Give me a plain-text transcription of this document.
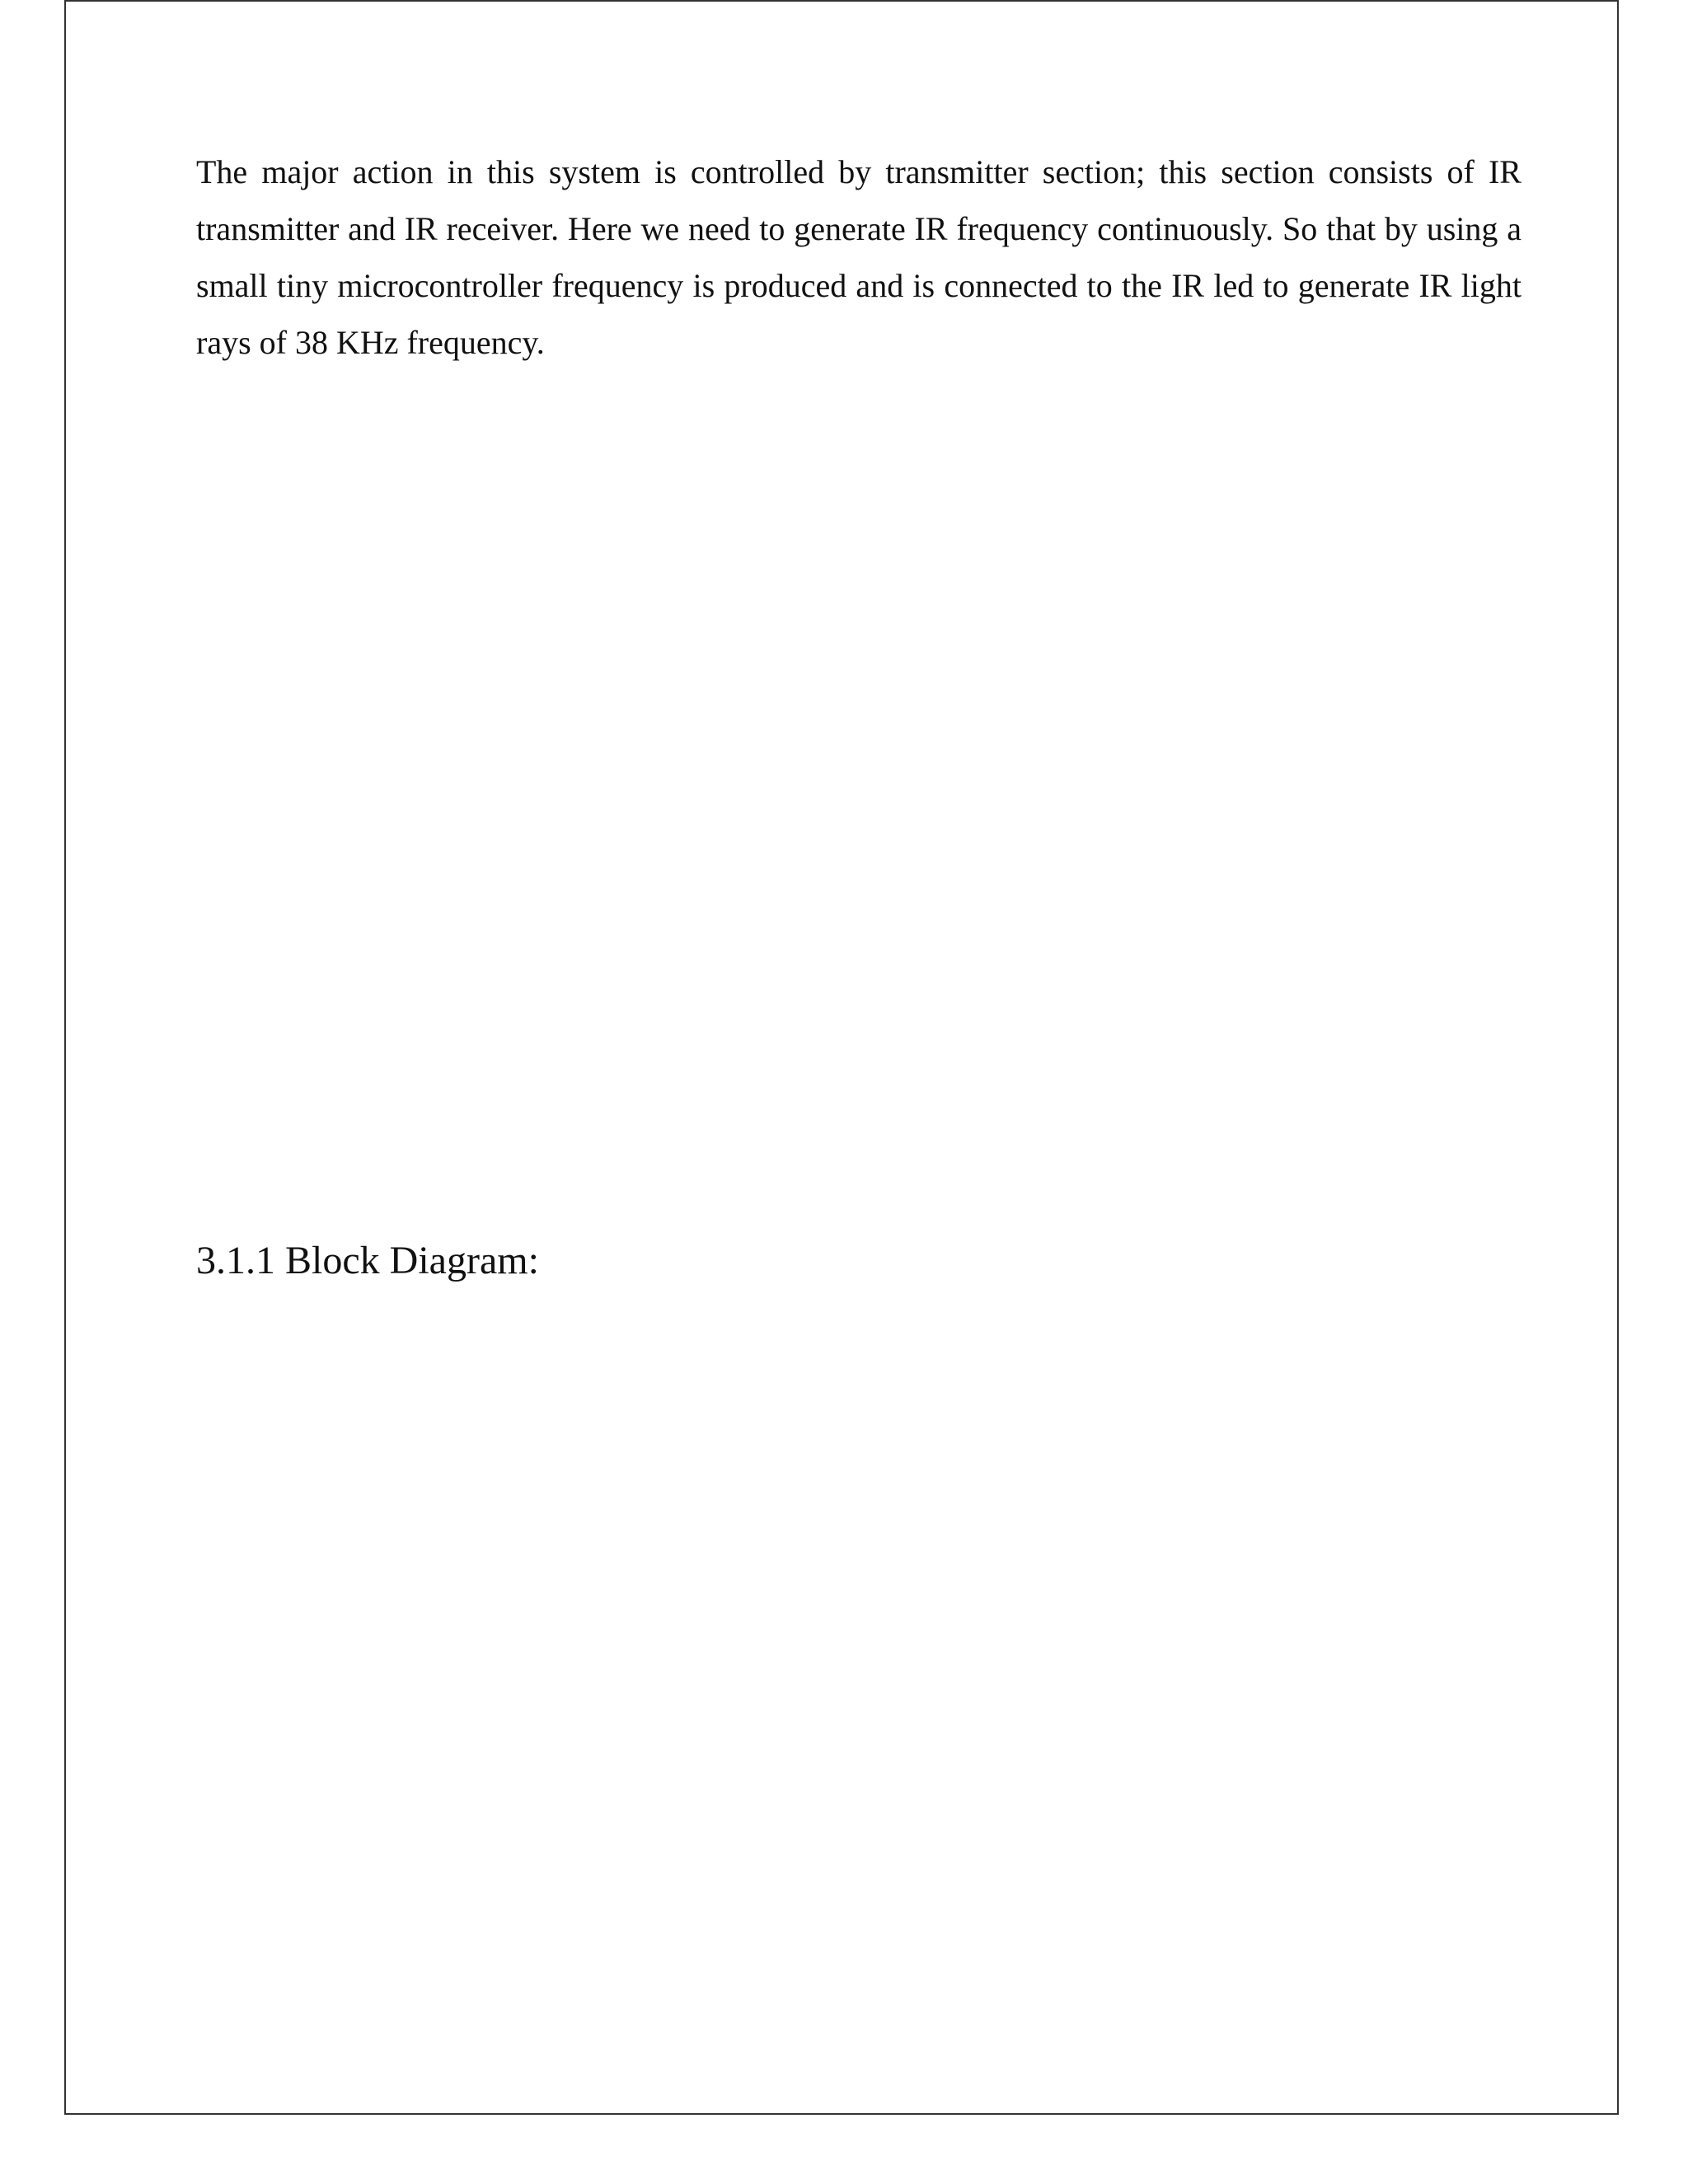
The major action in this system is controlled by transmitter section; this section consists of IR transmitter and IR receiver. Here we need to generate IR frequency continuously. So that by using a small tiny microcontroller frequency is produced and is connected to the IR led to generate IR light rays of 38 KHz frequency.

3.1.1 Block Diagram:
